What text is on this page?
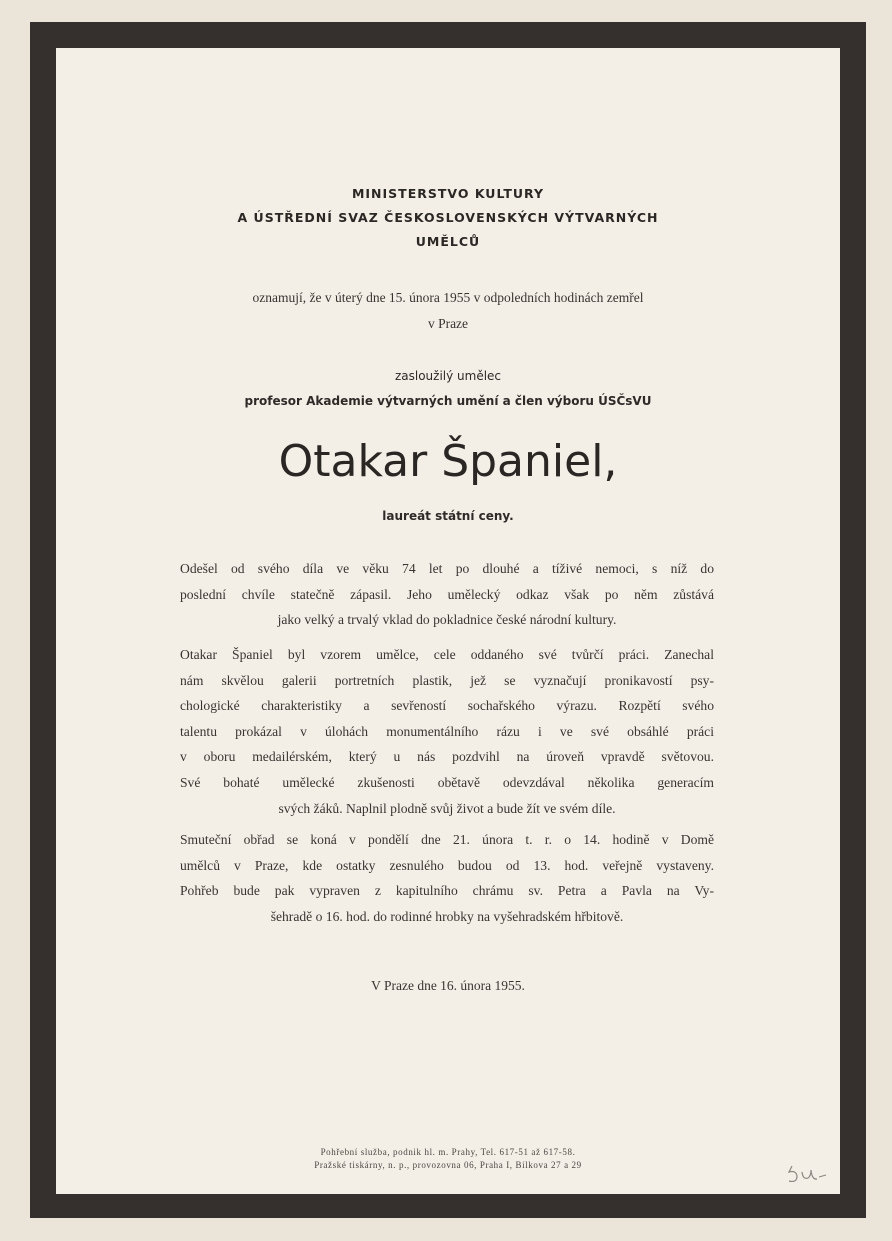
MINISTERSTVO KULTURY
A ÚSTŘEDNÍ SVAZ ČESKOSLOVENSKÝCH VÝTVARNÝCH
UMĚLCŮ
oznamují, že v úterý dne 15. února 1955 v odpoledních hodinách zemřel
v Praze
zasloužilý umělec
profesor Akademie výtvarných umění a člen výboru ÚSČsVU
Otakar Španiel,
laureát státní ceny.
Odešel od svého díla ve věku 74 let po dlouhé a tíživé nemoci, s níž do
poslední chvíle statečně zápasil. Jeho umělecký odkaz však po něm zůstává
jako velký a trvalý vklad do pokladnice české národní kultury.
Otakar Španiel byl vzorem umělce, cele oddaného své tvůrčí práci. Zanechal
nám skvělou galerii portretních plastik, jež se vyznačují pronikavostí psy-
chologické charakteristiky a sevřeností sochařského výrazu. Rozpětí svého
talentu prokázal v úlohách monumentálního rázu i ve své obsáhlé práci
v oboru medailérském, který u nás pozdvihl na úroveň vpravdě světovou.
Své bohaté umělecké zkušenosti obětavě odevzdával několika generacím
svých žáků. Naplnil plodně svůj život a bude žít ve svém díle.
Smuteční obřad se koná v pondělí dne 21. února t. r. o 14. hodině v Domě
umělců v Praze, kde ostatky zesnulého budou od 13. hod. veřejně vystaveny.
Pohřeb bude pak vypraven z kapitulního chrámu sv. Petra a Pavla na Vy-
šehradě o 16. hod. do rodinné hrobky na vyšehradském hřbitově.
V Praze dne 16. února 1955.
Pohřební služba, podnik hl. m. Prahy, Tel. 617-51 až 617-58.
Pražské tiskárny, n. p., provozovna 06, Praha I, Bílkova 27 a 29
